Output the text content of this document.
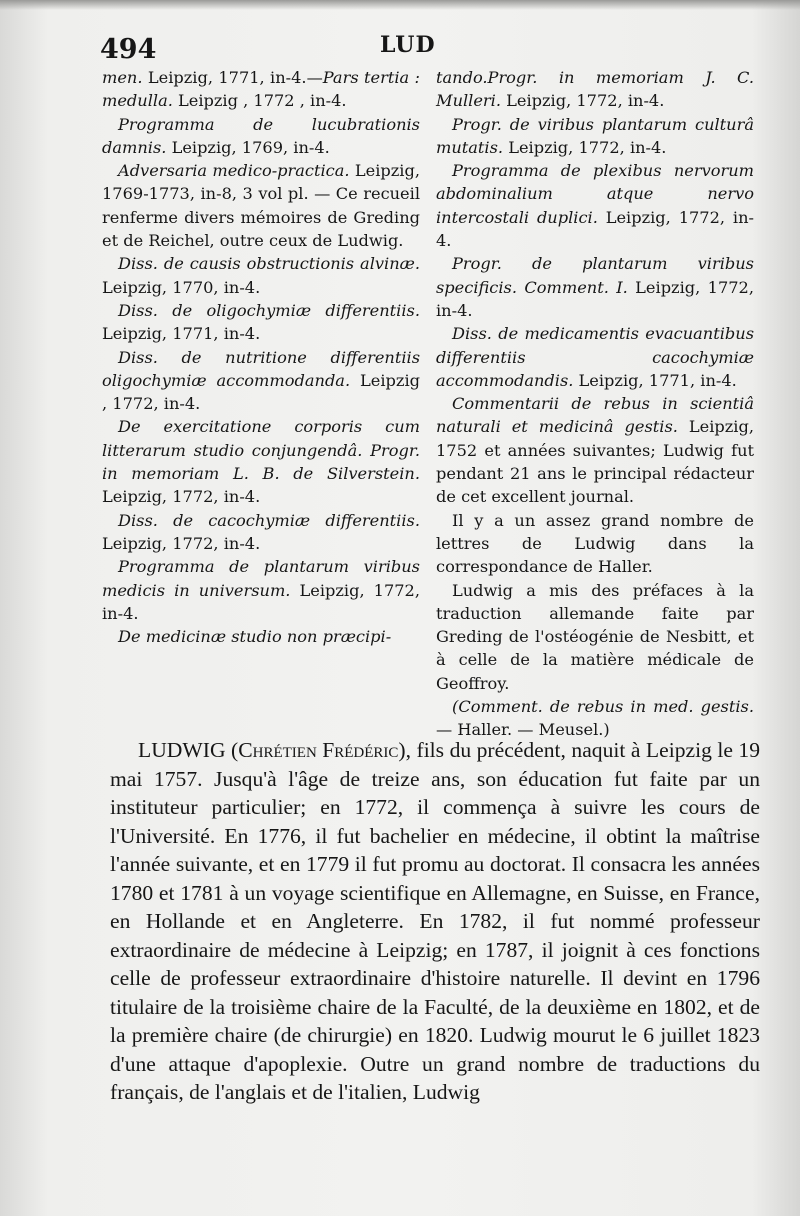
494	LUD

men. Leipzig, 1771, in-4.—Pars tertia : medulla. Leipzig , 1772 , in-4.

Programma de lucubrationis damnis. Leipzig, 1769, in-4.

Adversaria medico-practica. Leipzig, 1769-1773, in-8, 3 vol pl. — Ce recueil renferme divers mémoires de Greding et de Reichel, outre ceux de Ludwig.

Diss. de causis obstructionis alvinæ. Leipzig, 1770, in-4.

Diss. de oligochymiæ differentiis. Leipzig, 1771, in-4.

Diss. de nutritione differentiis oligochymiæ accommodanda. Leipzig , 1772, in-4.

De exercitatione corporis cum litterarum studio conjungendâ. Progr. in memoriam L. B. de Silverstein. Leipzig, 1772, in-4.

Diss. de cacochymiæ differentiis. Leipzig, 1772, in-4.

Programma de plantarum viribus medicis in universum. Leipzig, 1772, in-4.

De medicinæ studio non præcipi-

tando.Progr. in memoriam J. C. Mulleri. Leipzig, 1772, in-4.

Progr. de viribus plantarum culturâ mutatis. Leipzig, 1772, in-4.

Programma de plexibus nervorum abdominalium atque nervo intercostali duplici. Leipzig, 1772, in-4.

Progr. de plantarum viribus specificis. Comment. I. Leipzig, 1772, in-4.

Diss. de medicamentis evacuantibus differentiis cacochymiæ accommodandis. Leipzig, 1771, in-4.

Commentarii de rebus in scientiâ naturali et medicinâ gestis. Leipzig, 1752 et années suivantes; Ludwig fut pendant 21 ans le principal rédacteur de cet excellent journal.

Il y a un assez grand nombre de lettres de Ludwig dans la correspondance de Haller.

Ludwig a mis des préfaces à la traduction allemande faite par Greding de l'ostéogénie de Nesbitt, et à celle de la matière médicale de Geoffroy.

(Comment. de rebus in med. gestis. — Haller. — Meusel.)

LUDWIG (Chrétien Frédéric), fils du précédent, naquit à Leipzig le 19 mai 1757. Jusqu'à l'âge de treize ans, son éducation fut faite par un instituteur particulier; en 1772, il commença à suivre les cours de l'Université. En 1776, il fut bachelier en médecine, il obtint la maîtrise l'année suivante, et en 1779 il fut promu au doctorat. Il consacra les années 1780 et 1781 à un voyage scientifique en Allemagne, en Suisse, en France, en Hollande et en Angleterre. En 1782, il fut nommé professeur extraordinaire de médecine à Leipzig; en 1787, il joignit à ces fonctions celle de professeur extraordinaire d'histoire naturelle. Il devint en 1796 titulaire de la troisième chaire de la Faculté, de la deuxième en 1802, et de la première chaire (de chirurgie) en 1820. Ludwig mourut le 6 juillet 1823 d'une attaque d'apoplexie. Outre un grand nombre de traductions du français, de l'anglais et de l'italien, Ludwig
